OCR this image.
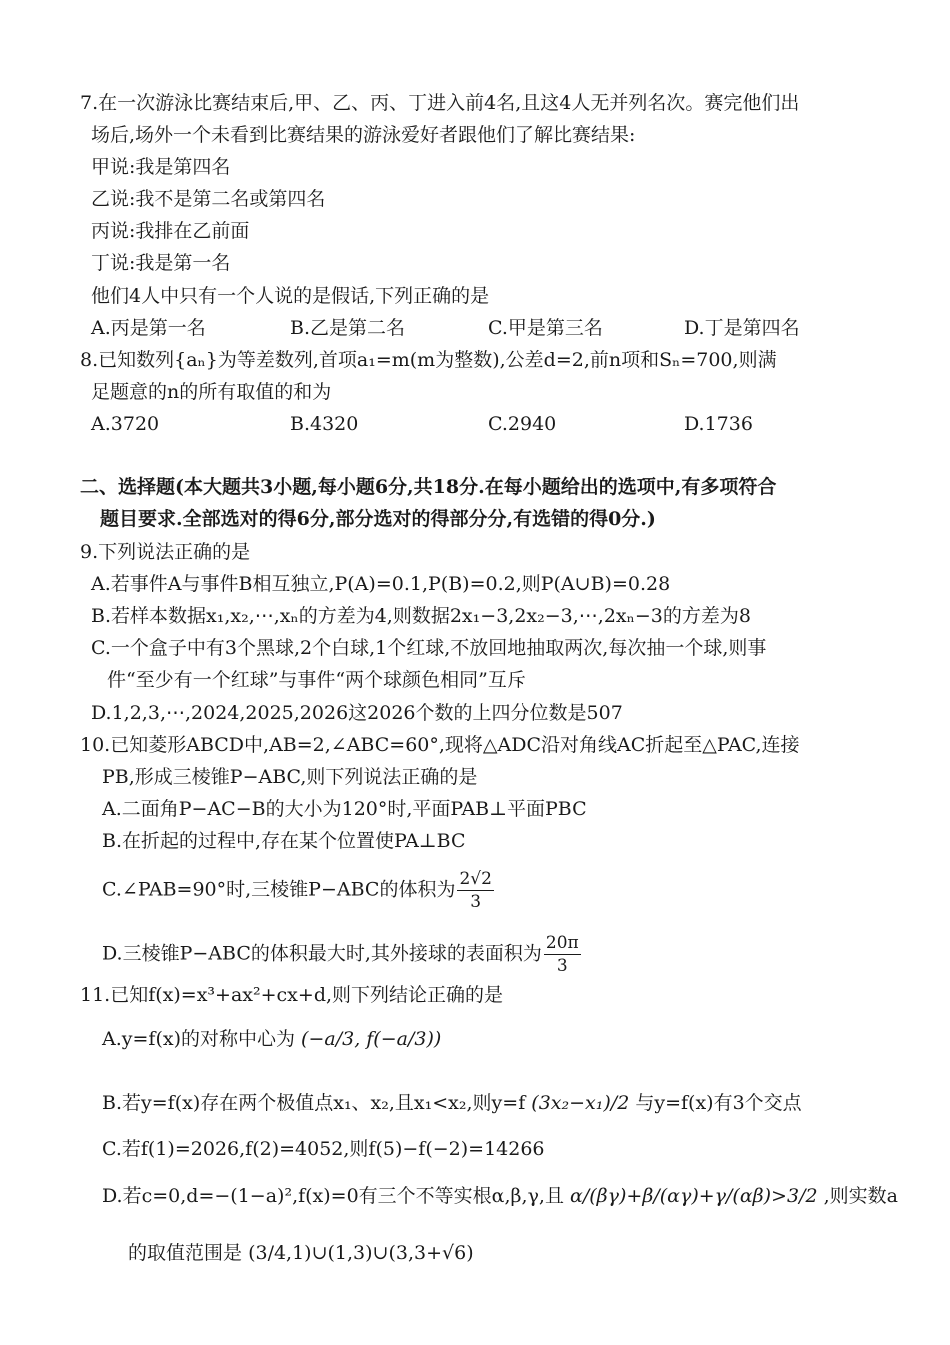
7.在一次游泳比赛结束后,甲、乙、丙、丁进入前4名,且这4人无并列名次。赛完他们出
场后,场外一个未看到比赛结果的游泳爱好者跟他们了解比赛结果:
甲说:我是第四名
乙说:我不是第二名或第四名
丙说:我排在乙前面
丁说:我是第一名
他们4人中只有一个人说的是假话,下列正确的是
A.丙是第一名	B.乙是第二名	C.甲是第三名	D.丁是第四名
8.已知数列{aₙ}为等差数列,首项a₁=m(m为整数),公差d=2,前n项和Sₙ=700,则满
足题意的n的所有取值的和为
A.3720	B.4320	C.2940	D.1736
二、选择题(本大题共3小题,每小题6分,共18分.在每小题给出的选项中,有多项符合
题目要求.全部选对的得6分,部分选对的得部分分,有选错的得0分.)
9.下列说法正确的是
A.若事件A与事件B相互独立,P(A)=0.1,P(B)=0.2,则P(A∪B)=0.28
B.若样本数据x₁,x₂,⋯,xₙ的方差为4,则数据2x₁−3,2x₂−3,⋯,2xₙ−3的方差为8
C.一个盒子中有3个黑球,2个白球,1个红球,不放回地抽取两次,每次抽一个球,则事
件“至少有一个红球”与事件“两个球颜色相同”互斥
D.1,2,3,⋯,2024,2025,2026这2026个数的上四分位数是507
10.已知菱形ABCD中,AB=2,∠ABC=60°,现将△ADC沿对角线AC折起至△PAC,连接
PB,形成三棱锥P−ABC,则下列说法正确的是
A.二面角P−AC−B的大小为120°时,平面PAB⊥平面PBC
B.在折起的过程中,存在某个位置使PA⊥BC
C.∠PAB=90°时,三棱锥P−ABC的体积为 $\frac{2√2}{3}$
D.三棱锥P−ABC的体积最大时,其外接球的表面积为 $\frac{20\pi}{3}$
11.已知f(x)=x³+ax²+cx+d,则下列结论正确的是
A.y=f(x)的对称中心为 (−a/3, f(−a/3))
B.若y=f(x)存在两个极值点x₁、x₂,且x₁<x₂,则y=f (3x₂−x₁)/2 与y=f(x)有3个交点
C.若f(1)=2026,f(2)=4052,则f(5)−f(−2)=14266
D.若c=0,d=−(1−a)²,f(x)=0有三个不等实根α,β,γ,且 α/(βγ)+β/(αγ)+γ/(αβ)>3/2 ,则实数a
的取值范围是 (3/4,1)∪(1,3)∪(3,3+√6)
